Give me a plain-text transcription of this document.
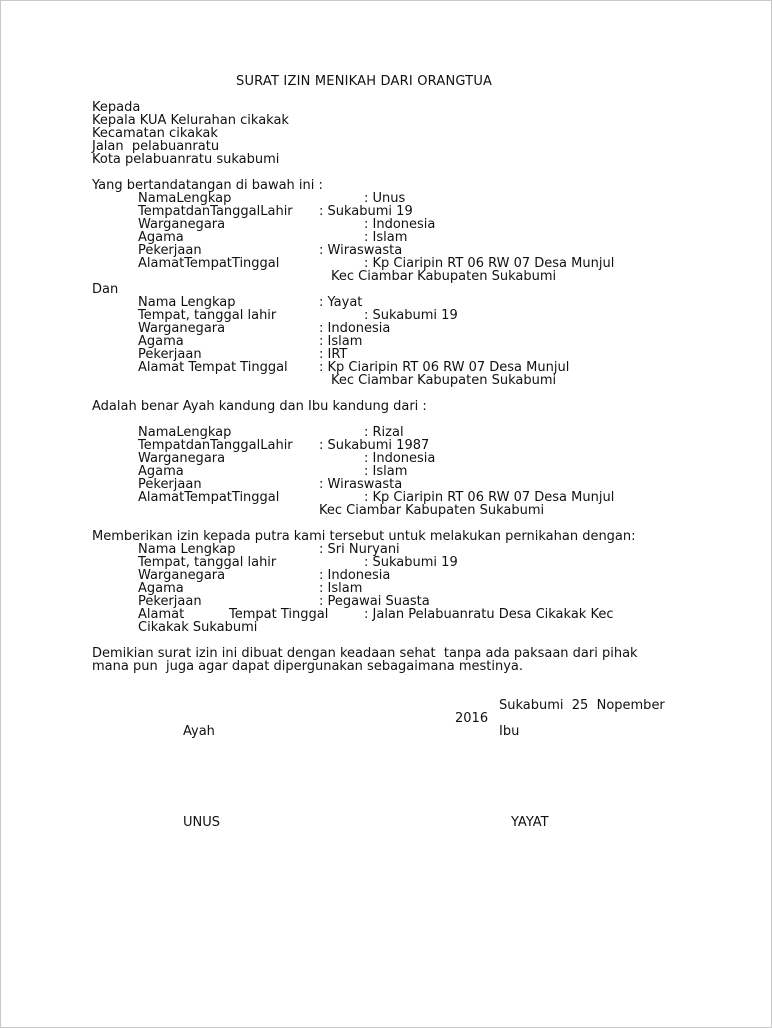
SURAT IZIN MENIKAH DARI ORANGTUA
Kepada
Kepala KUA Kelurahan cikakak
Kecamatan cikakak
Jalan  pelabuanratu
Kota pelabuanratu sukabumi
Yang bertandatangan di bawah ini :
NamaLengkap	: Unus
TempatdanTanggalLahir : Sukabumi 19
Warganegara	: Indonesia
Agama	: Islam
Pekerjaan	: Wiraswasta
AlamatTempatTinggal	: Kp Ciaripin RT 06 RW 07 Desa Munjul
Kec Ciambar Kabupaten Sukabumi
Dan
Nama Lengkap	: Yayat
Tempat, tanggal lahir	: Sukabumi 19
Warganegara	: Indonesia
Agama	: Islam
Pekerjaan	: IRT
Alamat Tempat Tinggal : Kp Ciaripin RT 06 RW 07 Desa Munjul
Kec Ciambar Kabupaten Sukabumi
Adalah benar Ayah kandung dan Ibu kandung dari :
NamaLengkap	: Rizal
TempatdanTanggalLahir : Sukabumi 1987
Warganegara	: Indonesia
Agama	: Islam
Pekerjaan	: Wiraswasta
AlamatTempatTinggal	: Kp Ciaripin RT 06 RW 07 Desa Munjul
Kec Ciambar Kabupaten Sukabumi
Memberikan izin kepada putra kami tersebut untuk melakukan pernikahan dengan:
Nama Lengkap	: Sri Nuryani
Tempat, tanggal lahir	: Sukabumi 19
Warganegara	: Indonesia
Agama	: Islam
Pekerjaan	: Pegawai Suasta
Alamat	Tempat Tinggal	: Jalan Pelabuanratu Desa Cikakak Kec
Cikakak Sukabumi
Demikian surat izin ini dibuat dengan keadaan sehat  tanpa ada paksaan dari pihak
mana pun  juga agar dapat dipergunakan sebagaimana mestinya.
Sukabumi  25  Nopember
2016
Ayah	Ibu
UNUS	YAYAT
